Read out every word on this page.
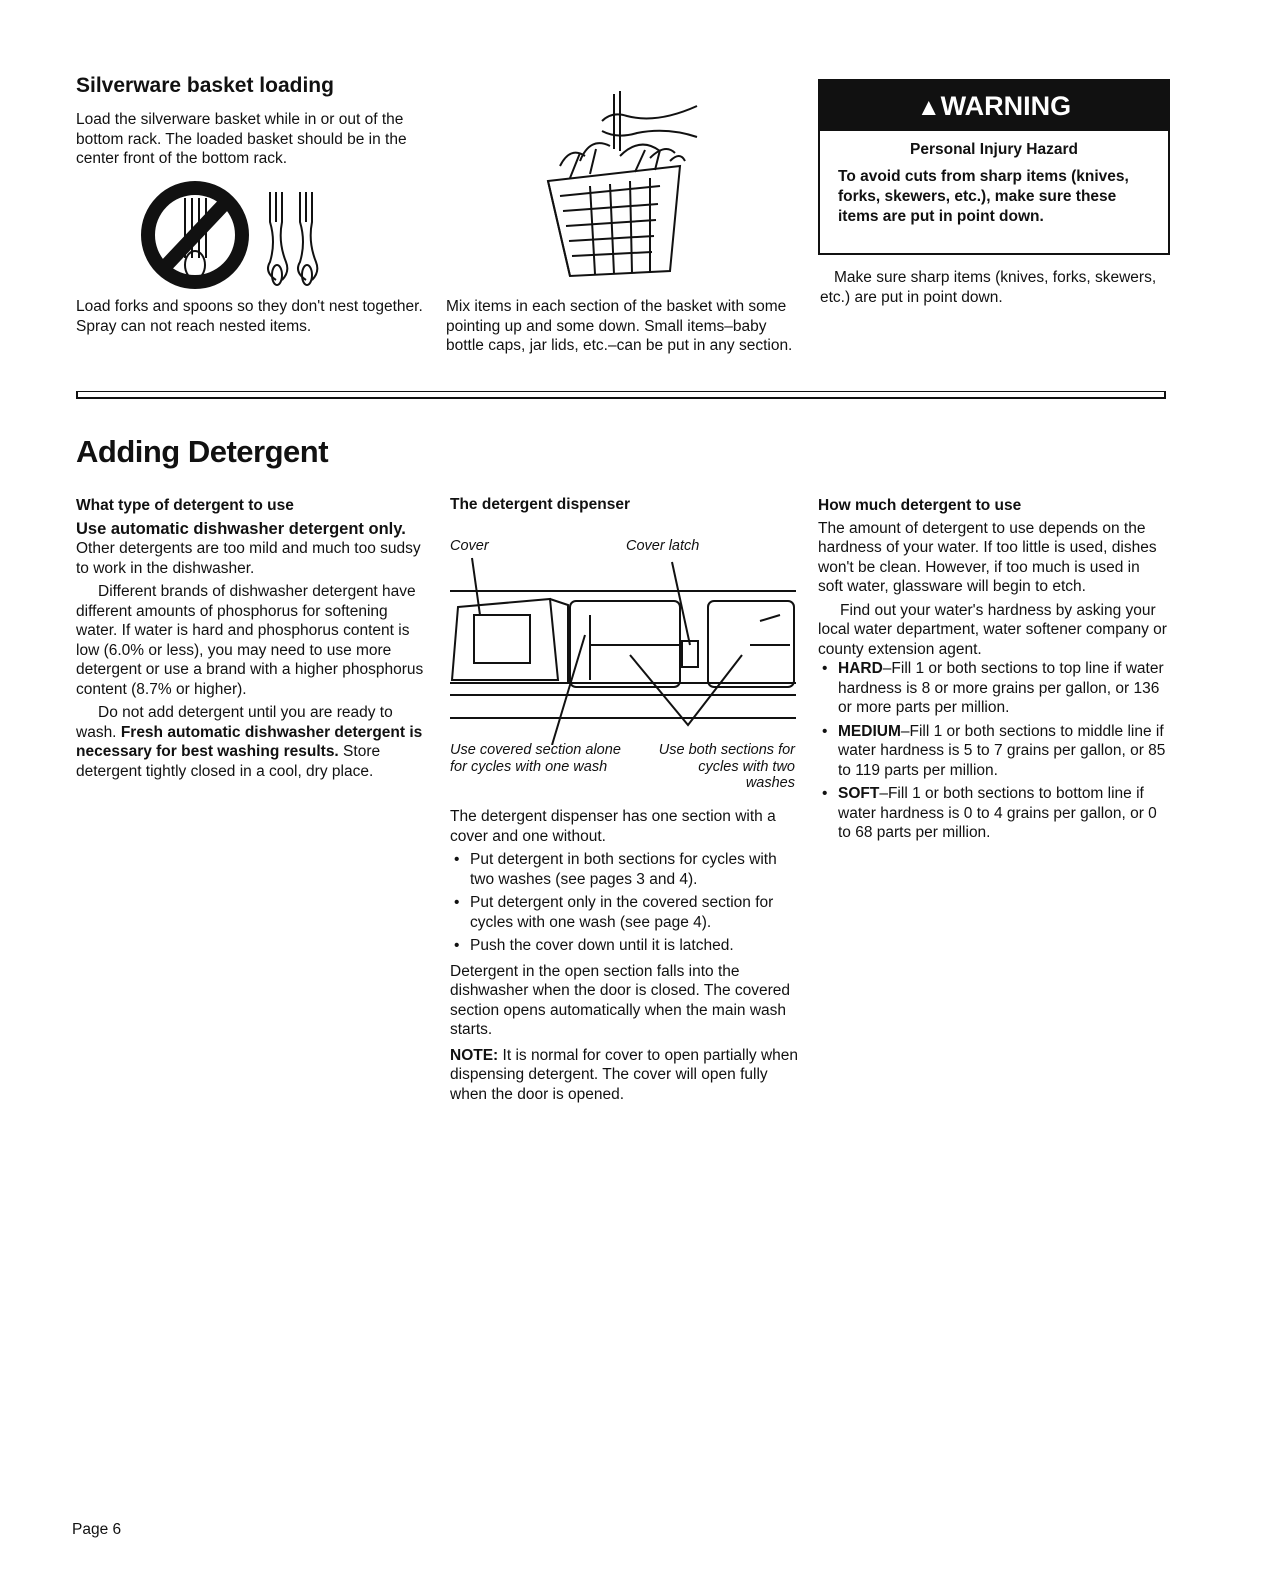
Silverware basket loading
Load the silverware basket while in or out of the bottom rack. The loaded basket should be in the center front of the bottom rack.
Load forks and spoons so they don't nest together. Spray can not reach nested items.
Mix items in each section of the basket with some pointing up and some down. Small items–baby bottle caps, jar lids, etc.–can be put in any section.
▲WARNING
Personal Injury Hazard
To avoid cuts from sharp items (knives, forks, skewers, etc.), make sure these items are put in point down.
Make sure sharp items (knives, forks, skewers, etc.) are put in point down.
Adding Detergent
What type of detergent to use

Use automatic dishwasher detergent only. Other detergents are too mild and much too sudsy to work in the dishwasher.

Different brands of dishwasher detergent have different amounts of phosphorus for softening water. If water is hard and phosphorus content is low (6.0% or less), you may need to use more detergent or use a brand with a higher phosphorus content (8.7% or higher).

Do not add detergent until you are ready to wash. Fresh automatic dishwasher detergent is necessary for best washing results. Store detergent tightly closed in a cool, dry place.

The detergent dispenser
Cover	Cover latch
Use covered section alone for cycles with one wash
Use both sections for cycles with two washes

The detergent dispenser has one section with a cover and one without.

• Put detergent in both sections for cycles with two washes (see pages 3 and 4).
• Put detergent only in the covered section for cycles with one wash (see page 4).
• Push the cover down until it is latched.

Detergent in the open section falls into the dishwasher when the door is closed. The covered section opens automatically when the main wash starts.

NOTE: It is normal for cover to open partially when dispensing detergent. The cover will open fully when the door is opened.

How much detergent to use

The amount of detergent to use depends on the hardness of your water. If too little is used, dishes won't be clean. However, if too much is used in soft water, glassware will begin to etch.

Find out your water's hardness by asking your local water department, water softener company or county extension agent.

• HARD–Fill 1 or both sections to top line if water hardness is 8 or more grains per gallon, or 136 or more parts per million.
• MEDIUM–Fill 1 or both sections to middle line if water hardness is 5 to 7 grains per gallon, or 85 to 119 parts per million.
• SOFT–Fill 1 or both sections to bottom line if water hardness is 0 to 4 grains per gallon, or 0 to 68 parts per million.
Page 6
